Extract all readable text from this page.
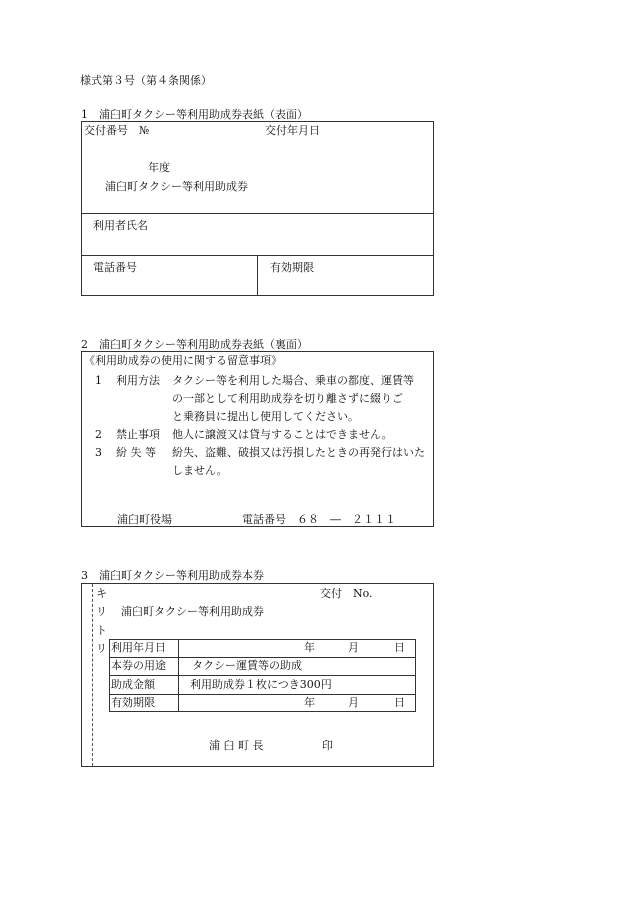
様式第３号（第４条関係）
1　浦臼町タクシー等利用助成券表紙（表面）
交付番号　№	交付年月日
年度
浦臼町タクシー等利用助成券
利用者氏名
電話番号	有効期限
2　浦臼町タクシー等利用助成券表紙（裏面）
《利用助成券の使用に関する留意事項》
1 利用方法 タクシー等を利用した場合、乗車の都度、運賃等
の一部として利用助成券を切り離さずに綴りご
と乗務員に提出し使用してください。
2 禁止事項 他人に譲渡又は貸与することはできません。
3 紛 失 等 紛失、盗難、破損又は汚損したときの再発行はいた
しません。
浦臼町役場	電話番号 ６８　―　２１１１
3　浦臼町タクシー等利用助成券本券
キ
リ
ト
リ
交付　No.
浦臼町タクシー等利用助成券
利用年月日	年	月	日
本券の用途 タクシー運賃等の助成
助成金額	利用助成券１枚につき300円
有効期限	年	月	日
浦 臼 町 長	印
